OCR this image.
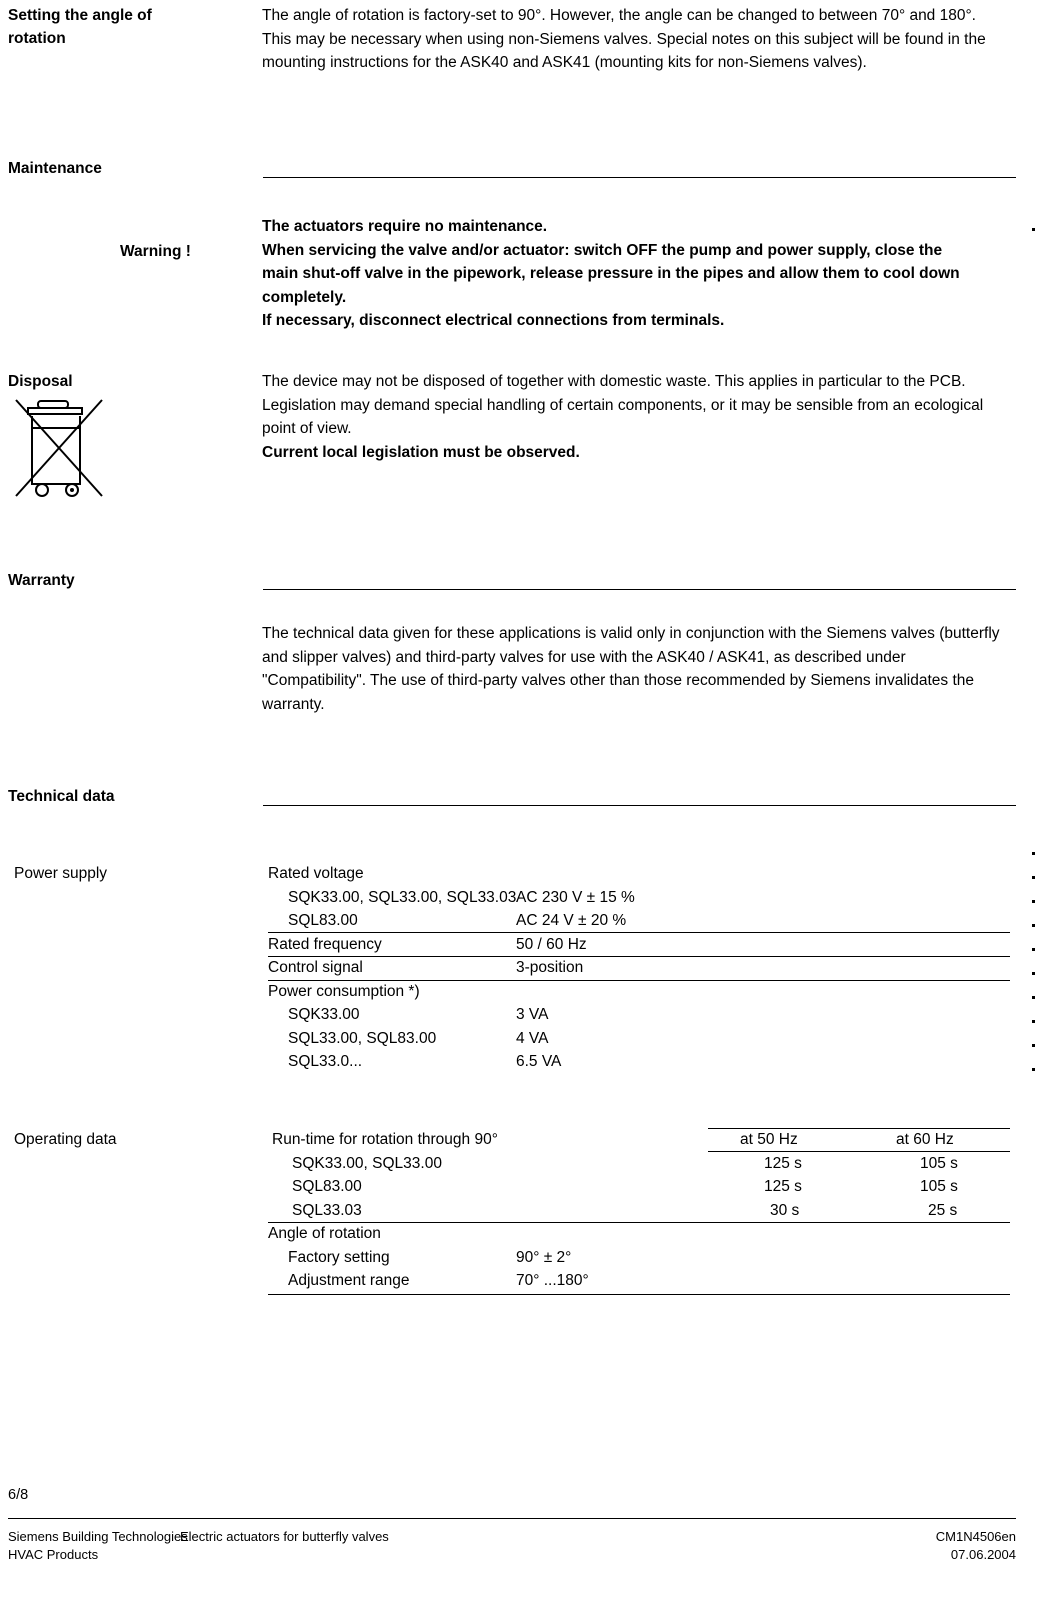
Setting the angle of
rotation

The angle of rotation is factory-set to 90°. However, the angle can be changed to between 70° and 180°. This may be necessary when using non-Siemens valves. Special notes on this subject will be found in the mounting instructions for the ASK40 and ASK41 (mounting kits for non-Siemens valves).

Maintenance
Warning !

The actuators require no maintenance.

When servicing the valve and/or actuator: switch OFF the pump and power supply, close the main shut-off valve in the pipework, release pressure in the pipes and allow them to cool down completely.

If necessary, disconnect electrical connections from terminals.

Disposal	The device may not be disposed of together with domestic waste. This applies in particular to the PCB.

Legislation may demand special handling of certain components, or it may be sensible from an ecological point of view.

Current local legislation must be observed.

Warranty

The technical data given for these applications is valid only in conjunction with the Siemens valves (butterfly and slipper valves) and third-party valves for use with the ASK40 / ASK41, as described under "Compatibility". The use of third-party valves other than those recommended by Siemens invalidates the warranty.

Technical data
Power supply
Operating data
Rated voltage
SQK33.00, SQL33.00, SQL33.03 AC 230 V ± 15 %
SQL83.00	AC 24 V ± 20 %
Rated frequency	50 / 60 Hz
Control signal	3-position
Power consumption *)
SQK33.00	3 VA
SQL33.00, SQL83.00	4 VA
SQL33.0...	6.5 VA
Run-time for rotation through 90°	at 50 Hz	at 60 Hz
SQK33.00, SQL33.00	125 s	105 s
SQL83.00	125 s	105 s
SQL33.03	30 s	25 s
Angle of rotation
Factory setting	90° ± 2°
Adjustment range	70° ...180°
6/8
Siemens Building Technologies
HVAC Products
Electric actuators for butterfly valves	CM1N4506en
07.06.2004
